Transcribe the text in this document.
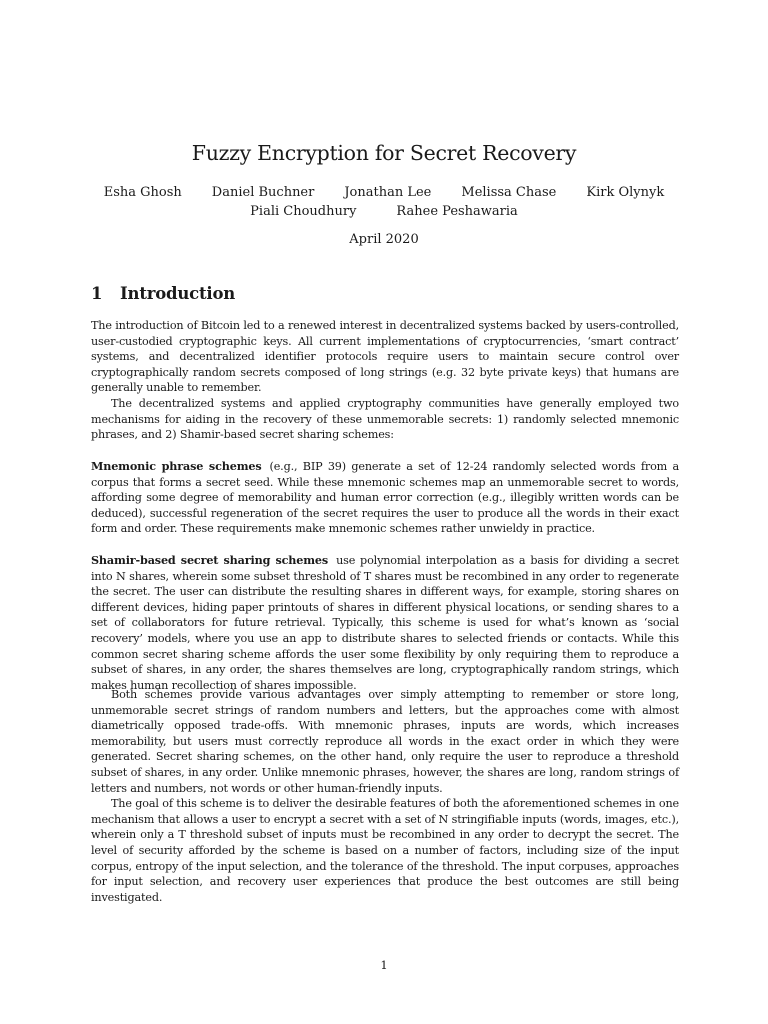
Fuzzy Encryption for Secret Recovery
Esha Ghosh Daniel Buchner Jonathan Lee Melissa Chase Kirk Olynyk
Piali Choudhury	Rahee Peshawaria
April 2020
1 Introduction

The introduction of Bitcoin led to a renewed interest in decentralized systems backed by users-controlled, user-custodied cryptographic keys. All current implementations of cryptocurrencies, ‘smart contract’ systems, and decentralized identifier protocols require users to maintain secure control over cryptographically random secrets composed of long strings (e.g. 32 byte private keys) that humans are generally unable to remember.

The decentralized systems and applied cryptography communities have generally employed two mechanisms for aiding in the recovery of these unmemorable secrets: 1) randomly selected mnemonic phrases, and 2) Shamir-based secret sharing schemes:

Mnemonic phrase schemes (e.g., BIP 39) generate a set of 12-24 randomly selected words from a corpus that forms a secret seed. While these mnemonic schemes map an unmemorable secret to words, affording some degree of memorability and human error correction (e.g., illegibly written words can be deduced), successful regeneration of the secret requires the user to produce all the words in their exact form and order. These requirements make mnemonic schemes rather unwieldy in practice.

Shamir-based secret sharing schemes use polynomial interpolation as a basis for dividing a secret into N shares, wherein some subset threshold of T shares must be recombined in any order to regenerate the secret. The user can distribute the resulting shares in different ways, for example, storing shares on different devices, hiding paper printouts of shares in different physical locations, or sending shares to a set of collaborators for future retrieval. Typically, this scheme is used for what’s known as ‘social recovery’ models, where you use an app to distribute shares to selected friends or contacts. While this common secret sharing scheme affords the user some flexibility by only requiring them to reproduce a subset of shares, in any order, the shares themselves are long, cryptographically random strings, which makes human recollection of shares impossible.

Both schemes provide various advantages over simply attempting to remember or store long, unmemorable secret strings of random numbers and letters, but the approaches come with almost diametrically opposed trade-offs. With mnemonic phrases, inputs are words, which increases memorability, but users must correctly reproduce all words in the exact order in which they were generated. Secret sharing schemes, on the other hand, only require the user to reproduce a threshold subset of shares, in any order. Unlike mnemonic phrases, however, the shares are long, random strings of letters and numbers, not words or other human-friendly inputs.

The goal of this scheme is to deliver the desirable features of both the aforementioned schemes in one mechanism that allows a user to encrypt a secret with a set of N stringifiable inputs (words, images, etc.), wherein only a T threshold subset of inputs must be recombined in any order to decrypt the secret. The level of security afforded by the scheme is based on a number of factors, including size of the input corpus, entropy of the input selection, and the tolerance of the threshold. The input corpuses, approaches for input selection, and recovery user experiences that produce the best outcomes are still being investigated.

1
